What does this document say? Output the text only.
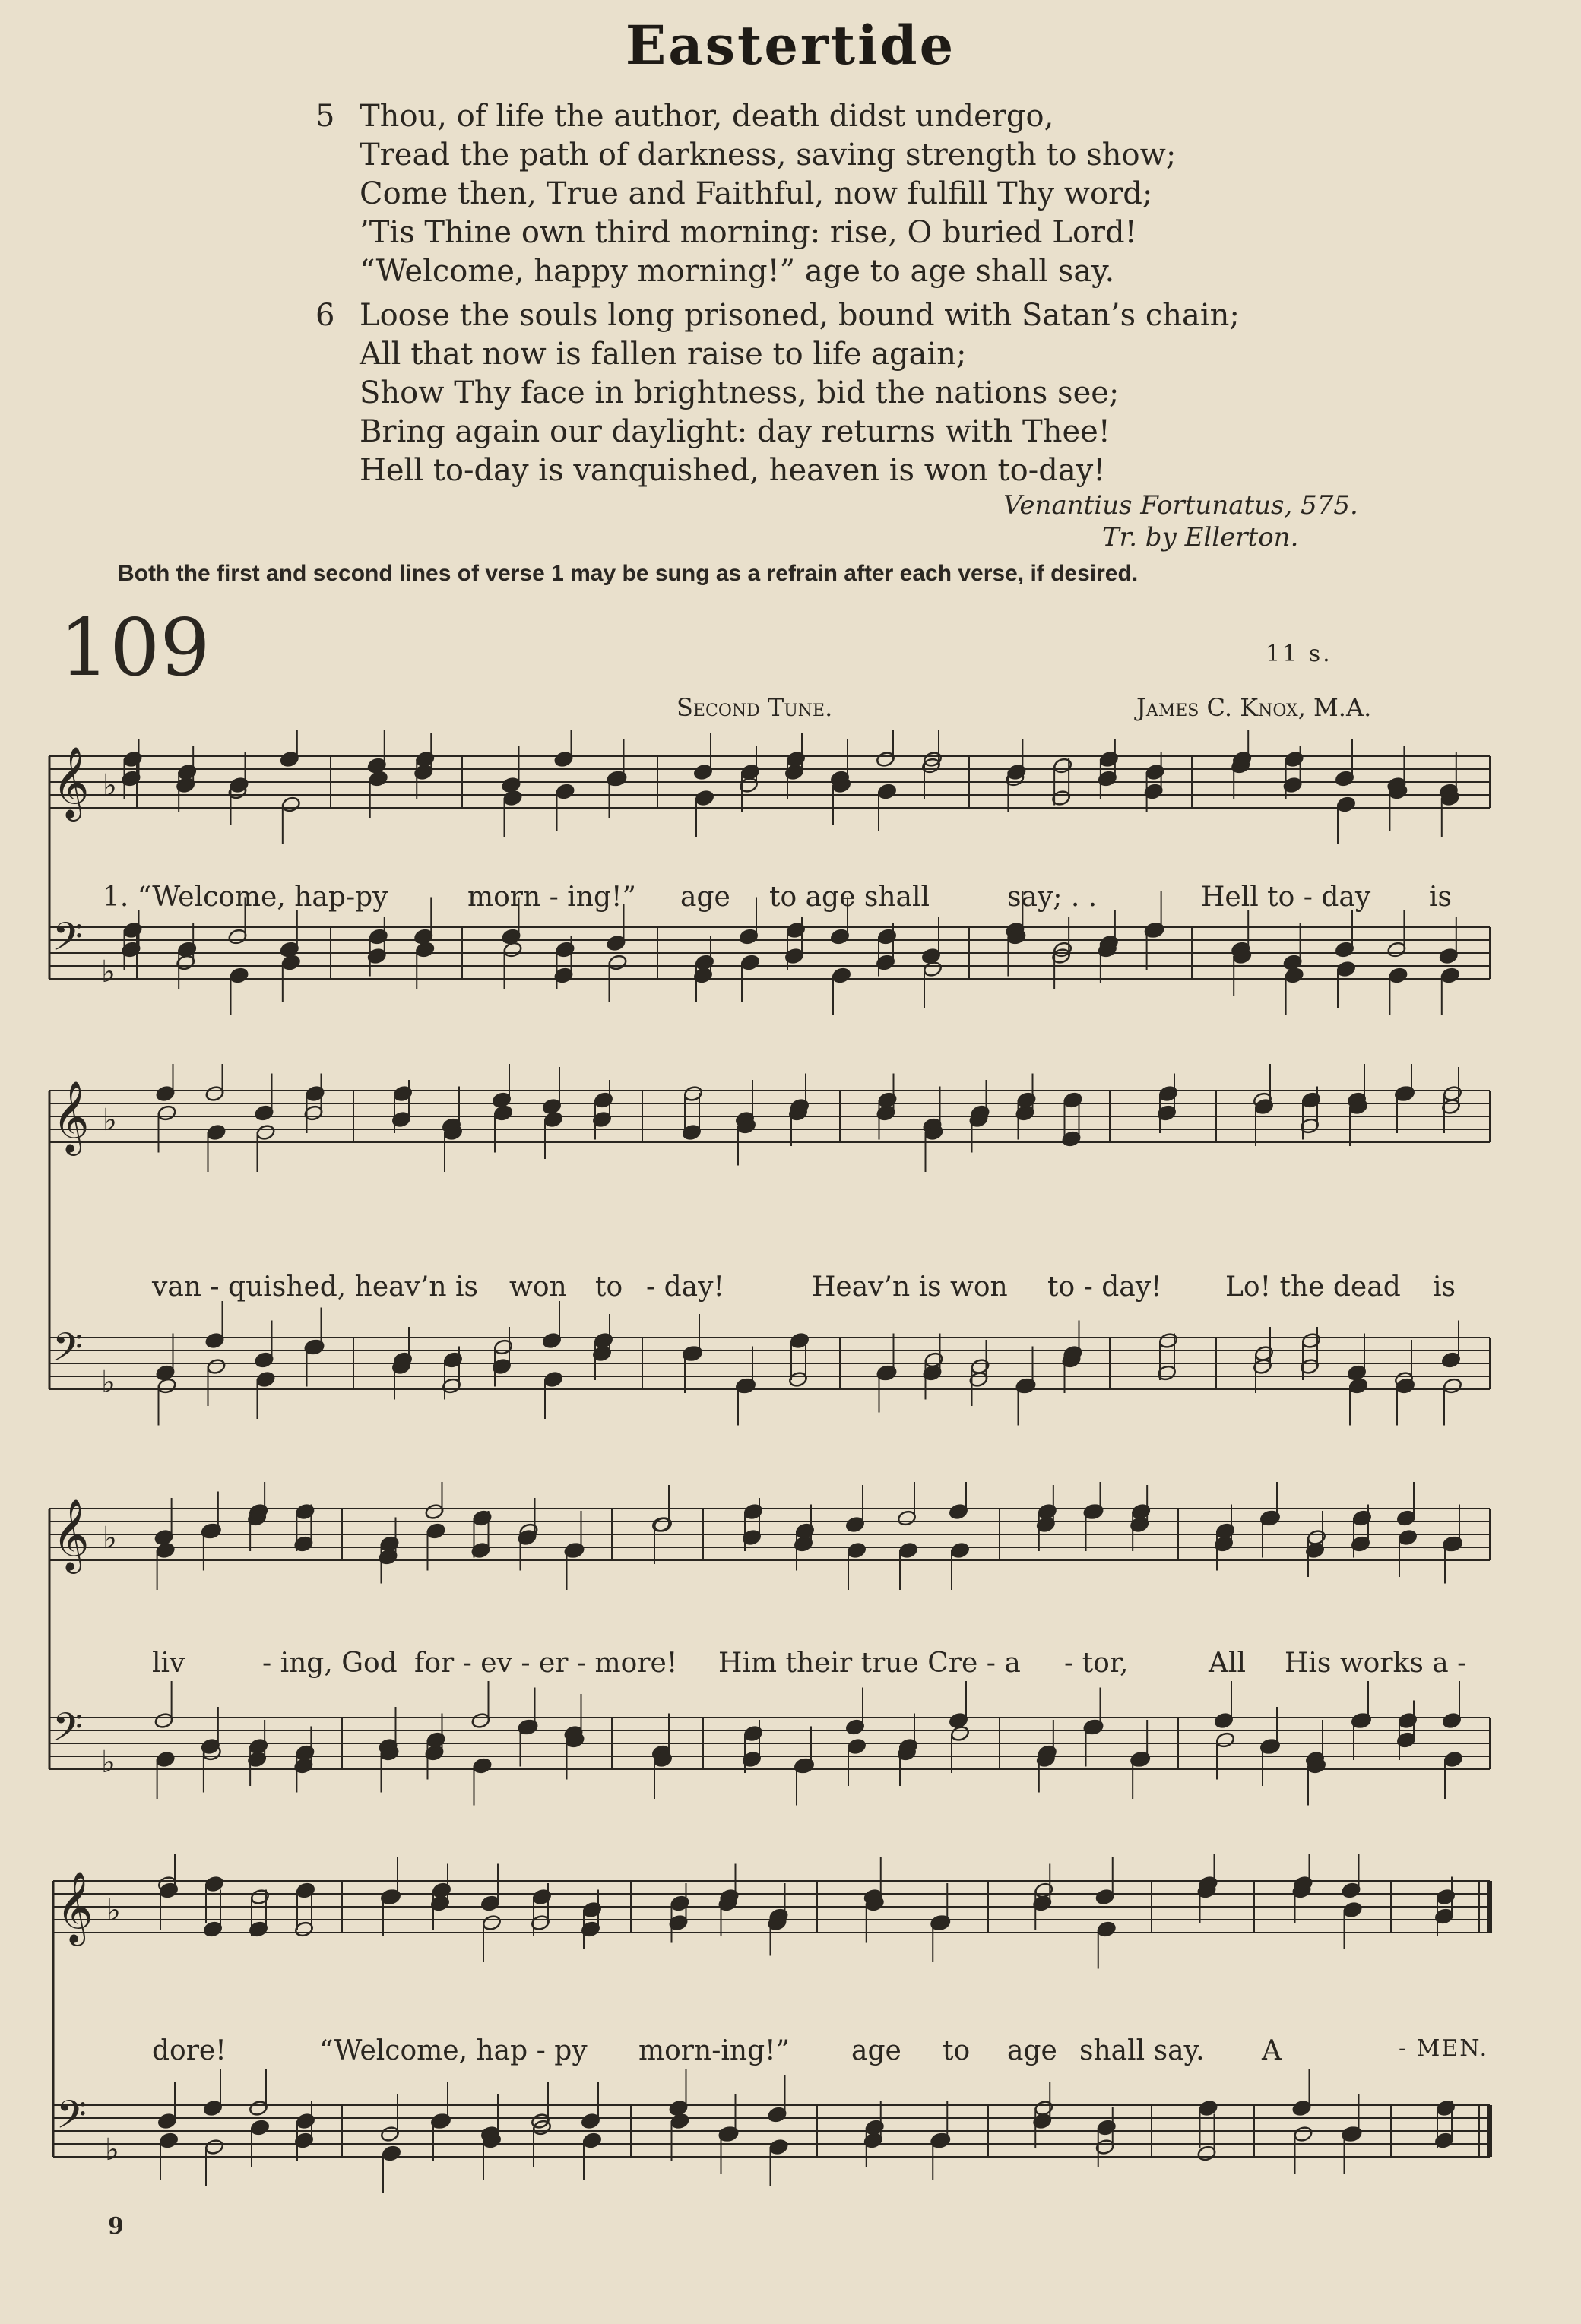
Eastertide
5 Thou, of life the author, death didst undergo,
Tread the path of darkness, saving strength to show;
Come then, True and Faithful, now fulfill Thy word;
’Tis Thine own third morning: rise, O buried Lord!
“Welcome, happy morning!” age to age shall say.
6 Loose the souls long prisoned, bound with Satan’s chain;
All that now is fallen raise to life again;
Show Thy face in brightness, bid the nations see;
Bring again our daylight: day returns with Thee!
Hell to-day is vanquished, heaven is won to-day!
Venantius Fortunatus, 575.
Tr. by Ellerton.
Both the first and second lines of verse 1 may be sung as a refrain after each verse, if desired.
109	11 s.
Second Tune.	James C. Knox, M.A.
𝄞 ♭
𝄢
♭
1. “Welcome, hap-py	morn - ing!” age to age shall	say; . .	Hell to - day is
𝄞 ♭
𝄢
♭
van - quished, heav’n is won to - day!	Heav’n is won to - day! Lo! the dead is
𝄞 ♭
𝄢
♭
liv	- ing, God for - ev - er - more! Him their true Cre - a - tor,	All His works a -
𝄞 ♭
𝄢
♭
dore!	“Welcome, hap - py morn-ing!” age to age shall say. A	- MEN.
9
